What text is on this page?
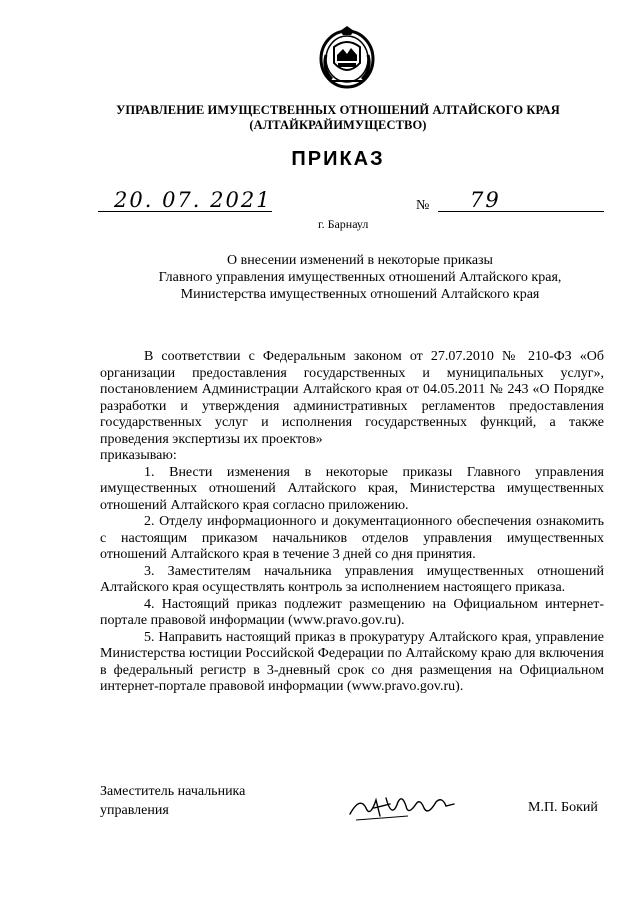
УПРАВЛЕНИЕ ИМУЩЕСТВЕННЫХ ОТНОШЕНИЙ АЛТАЙСКОГО КРАЯ
(АЛТАЙКРАЙИМУЩЕСТВО)
ПРИКАЗ
20. 07. 2021	№ 79
г. Барнаул
О внесении изменений в некоторые приказы
Главного управления имущественных отношений Алтайского края,
Министерства имущественных отношений Алтайского края

В соответствии с Федеральным законом от 27.07.2010 № 210-ФЗ «Об организации предоставления государственных и муниципальных услуг», постановлением Администрации Алтайского края от 04.05.2011 № 243 «О Порядке разработки и утверждения административных регламентов предоставления государственных услуг и исполнения государственных функций, а также проведения экспертизы их проектов»

приказываю:

1. Внести изменения в некоторые приказы Главного управления имущественных отношений Алтайского края, Министерства имущественных отношений Алтайского края согласно приложению.

2. Отделу информационного и документационного обеспечения ознакомить с настоящим приказом начальников отделов управления имущественных отношений Алтайского края в течение 3 дней со дня принятия.

3. Заместителям начальника управления имущественных отношений Алтайского края осуществлять контроль за исполнением настоящего приказа.

4. Настоящий приказ подлежит размещению на Официальном интернет-портале правовой информации (www.pravo.gov.ru).

5. Направить настоящий приказ в прокуратуру Алтайского края, управление Министерства юстиции Российской Федерации по Алтайскому краю для включения в федеральный регистр в 3-дневный срок со дня размещения на Официальном интернет-портале правовой информации (www.pravo.gov.ru).

Заместитель начальника
управления	М.П. Бокий
